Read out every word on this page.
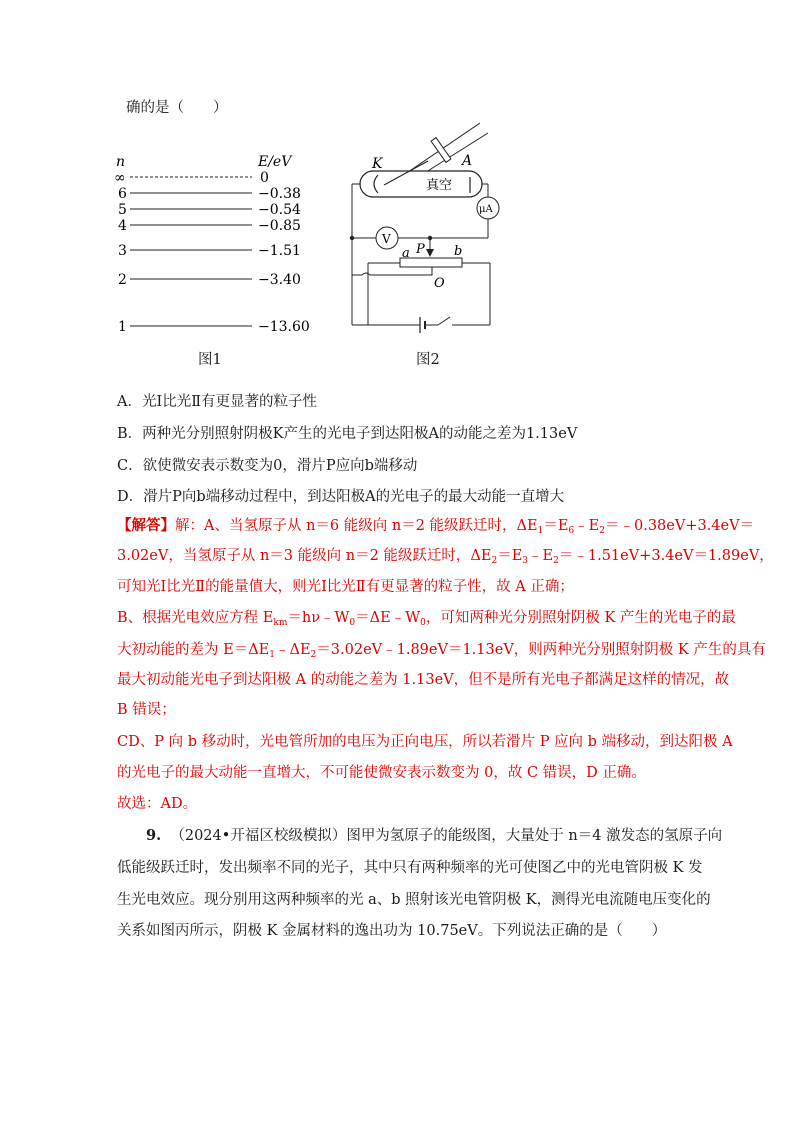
确的是（　　）
n	E/eV
∞	0
6	−0.38
5	−0.54
4	−0.85
3	−1.51
2	−3.40
1	−13.60
图1
K	A
真空
μA
V
a P b
O
图2
A．光Ⅰ比光Ⅱ有更显著的粒子性
B．两种光分别照射阴极K产生的光电子到达阳极A的动能之差为1.13eV
C．欲使微安表示数变为0，滑片P应向b端移动
D．滑片P向b端移动过程中，到达阳极A的光电子的最大动能一直增大
【解答】解：A、当氢原子从 n＝6 能级向 n＝2 能级跃迁时，$\Delta E_1=E_6﹣E_2=﹣0.38eV+3.4eV=$
3.02eV，当氢原子从 n＝3 能级向 n＝2 能级跃迁时，$\Delta E_2=E_3﹣E_2=﹣1.51eV+3.4eV=1.89eV$，
可知光Ⅰ比光Ⅱ的能量值大，则光Ⅰ比光Ⅱ有更显著的粒子性，故 A 正确；
B、根据光电效应方程 $E_{km}=h\nu﹣W_0=\Delta E﹣W_0$，可知两种光分别照射阴极 K 产生的光电子的最
大初动能的差为 $E=\Delta E_1﹣\Delta E_2=3.02eV﹣1.89eV=1.13eV$，则两种光分别照射阴极 K 产生的具有
最大初动能光电子到达阳极 A 的动能之差为 1.13eV，但不是所有光电子都满足这样的情况，故
B 错误；
CD、P 向 b 移动时，光电管所加的电压为正向电压，所以若滑片 P 应向 b 端移动，到达阳极 A
的光电子的最大动能一直增大，不可能使微安表示数变为 0，故 C 错误，D 正确。
故选：AD。
9. （2024•开福区校级模拟）图甲为氢原子的能级图，大量处于 n＝4 激发态的氢原子向
低能级跃迁时，发出频率不同的光子，其中只有两种频率的光可使图乙中的光电管阴极 K 发
生光电效应。现分别用这两种频率的光 a、b 照射该光电管阴极 K，测得光电流随电压变化的
关系如图丙所示，阴极 K 金属材料的逸出功为 10.75eV。下列说法正确的是（　　）
